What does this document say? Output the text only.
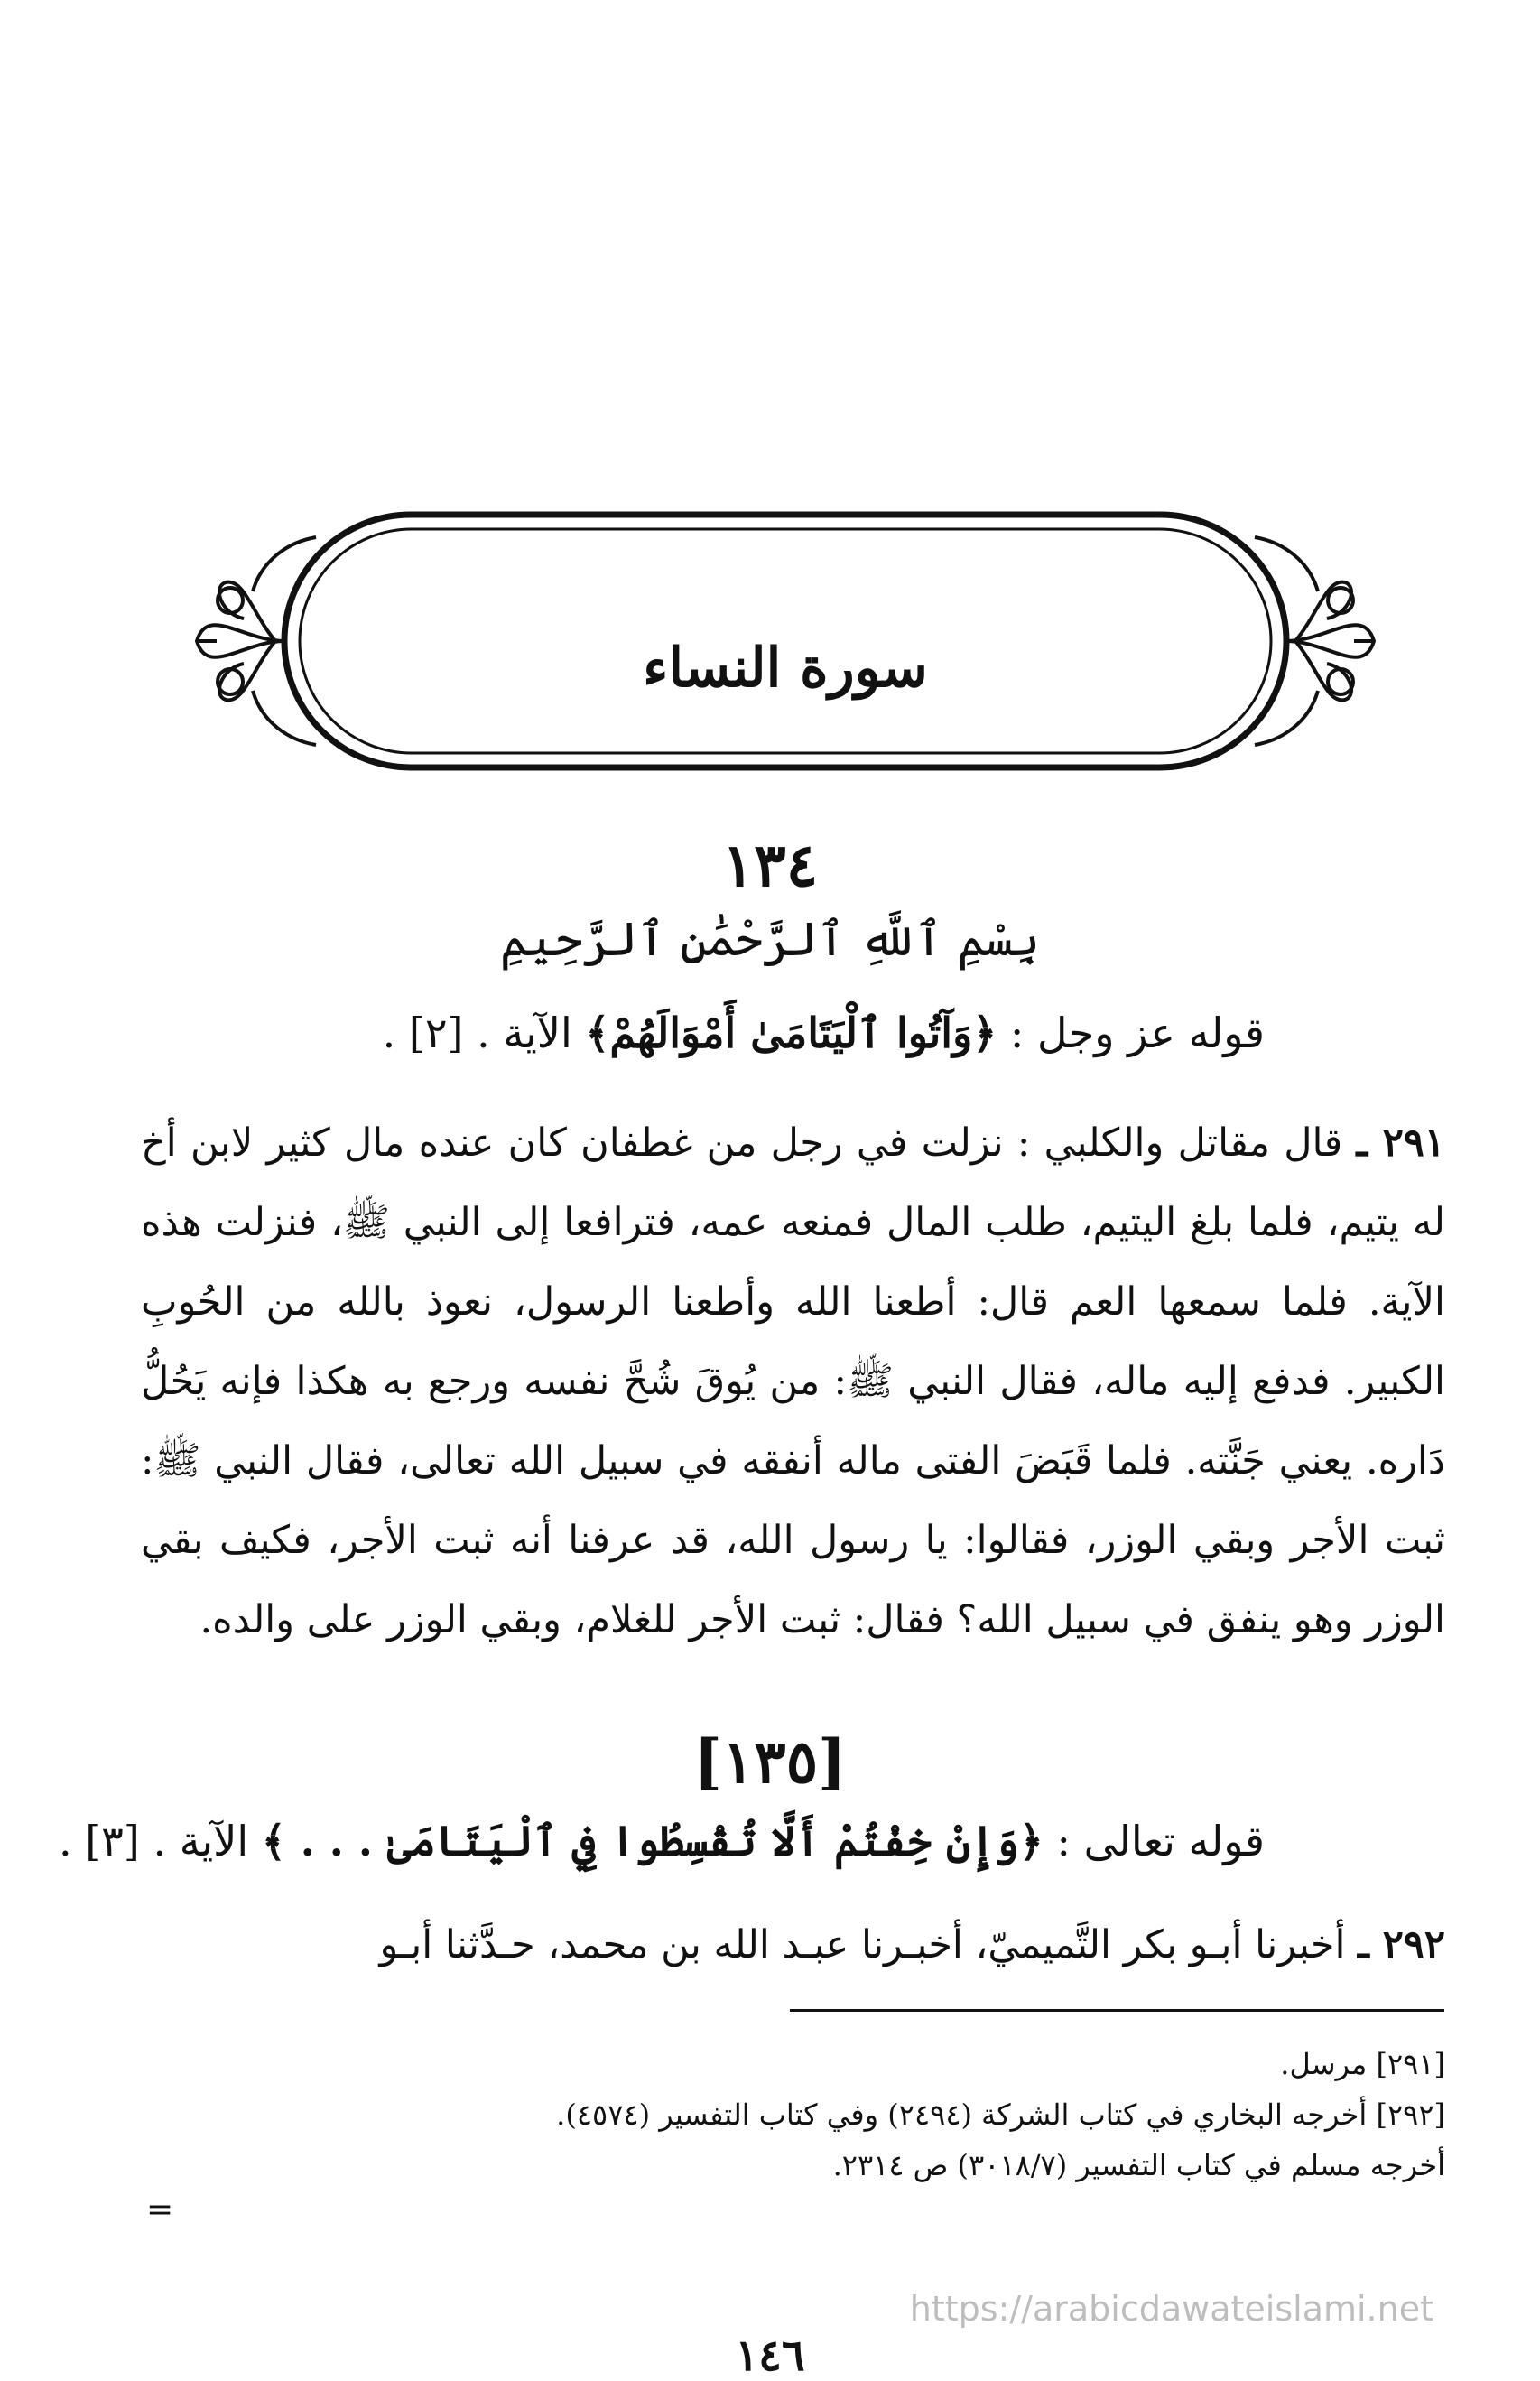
سورة النساء
١٣٤
بِسْمِ ٱللَّهِ ٱلرَّحْمَٰنِ ٱلرَّحِيمِ
قوله عز وجل : ﴿وَآتُوا ٱلْيَتَامَىٰ أَمْوَالَهُمْ﴾ الآية . [٢] .

٢٩١ ـ قال مقاتل والكلبي : نزلت في رجل من غطفان كان عنده مال كثير لابن أخ له يتيم، فلما بلغ اليتيم، طلب المال فمنعه عمه، فترافعا إلى النبي ﷺ، فنزلت هذه الآية. فلما سمعها العم قال: أطعنا الله وأطعنا الرسول، نعوذ بالله من الحُوبِ الكبير. فدفع إليه ماله، فقال النبي ﷺ: من يُوقَ شُحَّ نفسه ورجع به هكذا فإنه يَحُلُّ دَاره. يعني جَنَّته. فلما قَبَضَ الفتى ماله أنفقه في سبيل الله تعالى، فقال النبي ﷺ: ثبت الأجر وبقي الوزر، فقالوا: يا رسول الله، قد عرفنا أنه ثبت الأجر، فكيف بقي الوزر وهو ينفق في سبيل الله؟ فقال: ثبت الأجر للغلام، وبقي الوزر على والده.

[١٣٥]
قوله تعالى : ﴿وَإِنْ خِفْتُمْ أَلَّا تُقْسِطُوا فِي ٱلْيَتَامَىٰ . . . ﴾ الآية . [٣] .

٢٩٢ ـ أخبرنا أبـو بكر التَّميميّ، أخبـرنا عبـد الله بن محمد، حـدَّثنا أبـو

[٢٩١] مرسل.
[٢٩٢] أخرجه البخاري في كتاب الشركة (٢٤٩٤) وفي كتاب التفسير (٤٥٧٤).
أخرجه مسلم في كتاب التفسير (٣٠١٨/٧) ص ٢٣١٤.
=
https://arabicdawateislami.net
١٤٦
